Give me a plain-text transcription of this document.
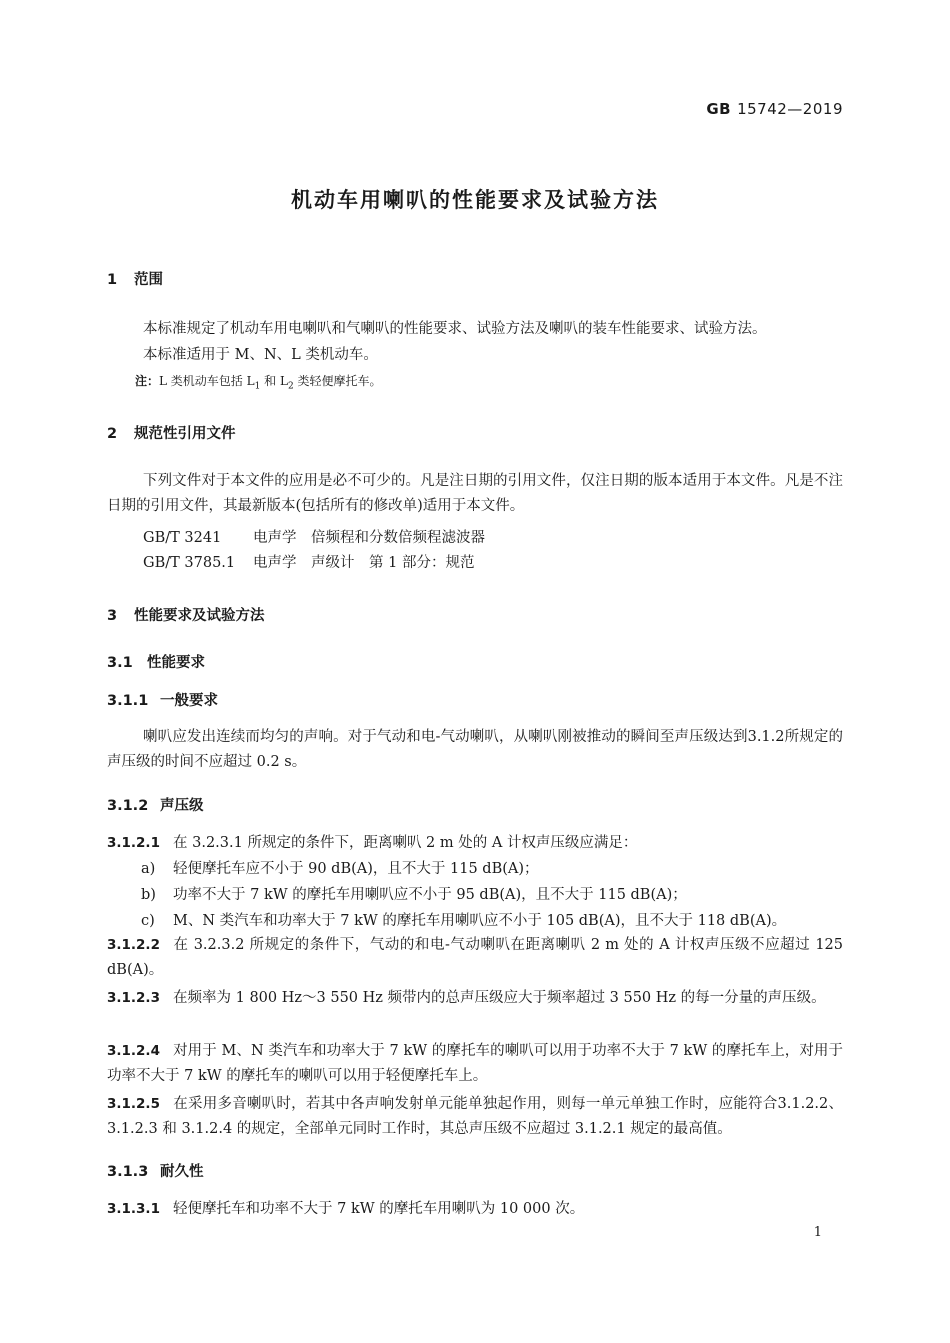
GB 15742—2019
机动车用喇叭的性能要求及试验方法
1 范围
本标准规定了机动车用电喇叭和气喇叭的性能要求、试验方法及喇叭的装车性能要求、试验方法。
本标准适用于 M、N、L 类机动车。
注：L 类机动车包括 $L_1$ 和 $L_2$ 类轻便摩托车。
2 规范性引用文件
下列文件对于本文件的应用是必不可少的。凡是注日期的引用文件，仅注日期的版本适用于本文件。凡是不注日期的引用文件，其最新版本(包括所有的修改单)适用于本文件。
GB/T 3241 电声学　倍频程和分数倍频程滤波器
GB/T 3785.1 电声学　声级计　第 1 部分：规范
3 性能要求及试验方法
3.1 性能要求
3.1.1 一般要求
喇叭应发出连续而均匀的声响。对于气动和电-气动喇叭，从喇叭刚被推动的瞬间至声压级达到3.1.2所规定的声压级的时间不应超过 0.2 s。
3.1.2 声压级
3.1.2.1 在 3.2.3.1 所规定的条件下，距离喇叭 2 m 处的 A 计权声压级应满足：
a) 轻便摩托车应不小于 90 dB(A)，且不大于 115 dB(A)；
b) 功率不大于 7 kW 的摩托车用喇叭应不小于 95 dB(A)，且不大于 115 dB(A)；
c) M、N 类汽车和功率大于 7 kW 的摩托车用喇叭应不小于 105 dB(A)，且不大于 118 dB(A)。
3.1.2.2 在 3.2.3.2 所规定的条件下，气动的和电-气动喇叭在距离喇叭 2 m 处的 A 计权声压级不应超过 125 dB(A)。
3.1.2.3 在频率为 1 800 Hz～3 550 Hz 频带内的总声压级应大于频率超过 3 550 Hz 的每一分量的声压级。
3.1.2.4 对用于 M、N 类汽车和功率大于 7 kW 的摩托车的喇叭可以用于功率不大于 7 kW 的摩托车上，对用于功率不大于 7 kW 的摩托车的喇叭可以用于轻便摩托车上。
3.1.2.5 在采用多音喇叭时，若其中各声响发射单元能单独起作用，则每一单元单独工作时，应能符合3.1.2.2、3.1.2.3 和 3.1.2.4 的规定，全部单元同时工作时，其总声压级不应超过 3.1.2.1 规定的最高值。
3.1.3 耐久性
3.1.3.1 轻便摩托车和功率不大于 7 kW 的摩托车用喇叭为 10 000 次。
1
